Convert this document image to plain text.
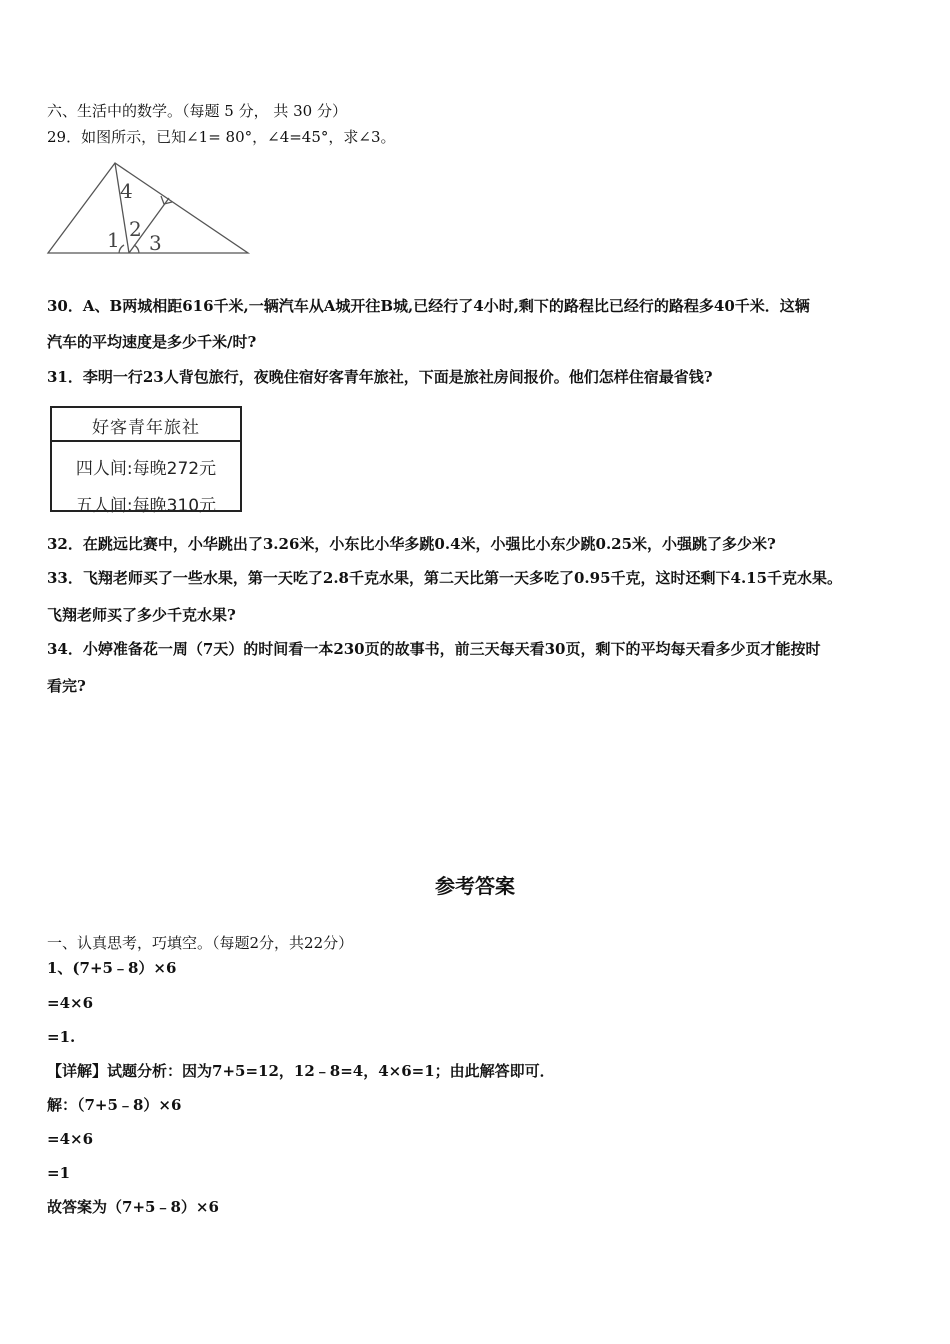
六、生活中的数学。（每题 5 分， 共 30 分）
29．如图所示，已知∠1= 80°，∠4=45°，求∠3。
4
2
1 3
30．A、B两城相距616千米,一辆汽车从A城开往B城,已经行了4小时,剩下的路程比已经行的路程多40千米．这辆
汽车的平均速度是多少千米/时?
31．李明一行23人背包旅行，夜晚住宿好客青年旅社，下面是旅社房间报价。他们怎样住宿最省钱?
好客青年旅社
四人间:每晚272元
五人间:每晚310元
32．在跳远比赛中，小华跳出了3.26米，小东比小华多跳0.4米，小强比小东少跳0.25米，小强跳了多少米?
33．飞翔老师买了一些水果，第一天吃了2.8千克水果，第二天比第一天多吃了0.95千克，这时还剩下4.15千克水果。
飞翔老师买了多少千克水果?
34．小婷准备花一周（7天）的时间看一本230页的故事书，前三天每天看30页，剩下的平均每天看多少页才能按时
看完?
参考答案
一、认真思考，巧填空。（每题2分，共22分）
1、(7+5﹣8）×6
=4×6
=1.
【详解】试题分析：因为7+5=12，12﹣8=4，4×6=1；由此解答即可．
解：（7+5﹣8）×6
=4×6
=1
故答案为（7+5﹣8）×6
